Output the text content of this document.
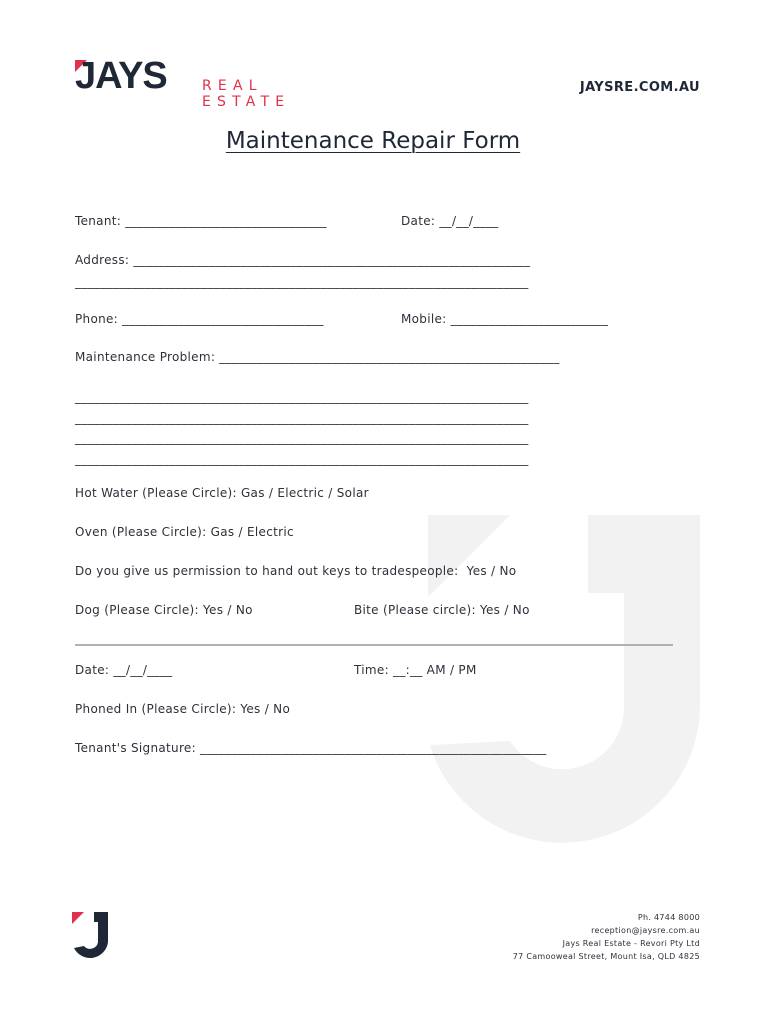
JAYS	REAL ESTATE
JAYSRE.COM.AU
Maintenance Repair Form
Tenant: ________________________________	Date: __/__/____
Address: _______________________________________________________________
________________________________________________________________________
Phone: ________________________________	Mobile: _________________________
Maintenance Problem: ______________________________________________________
________________________________________________________________________
________________________________________________________________________
________________________________________________________________________
________________________________________________________________________
Hot Water (Please Circle): Gas / Electric / Solar
Oven (Please Circle): Gas / Electric
Do you give us permission to hand out keys to tradespeople:  Yes / No
Dog (Please Circle): Yes / No	Bite (Please circle): Yes / No
Date: __/__/____	Time: __:__ AM / PM
Phoned In (Please Circle): Yes / No
Tenant's Signature: _______________________________________________________
Ph. 4744 8000
reception@jaysre.com.au
Jays Real Estate - Revori Pty Ltd
77 Camooweal Street, Mount Isa, QLD 4825
